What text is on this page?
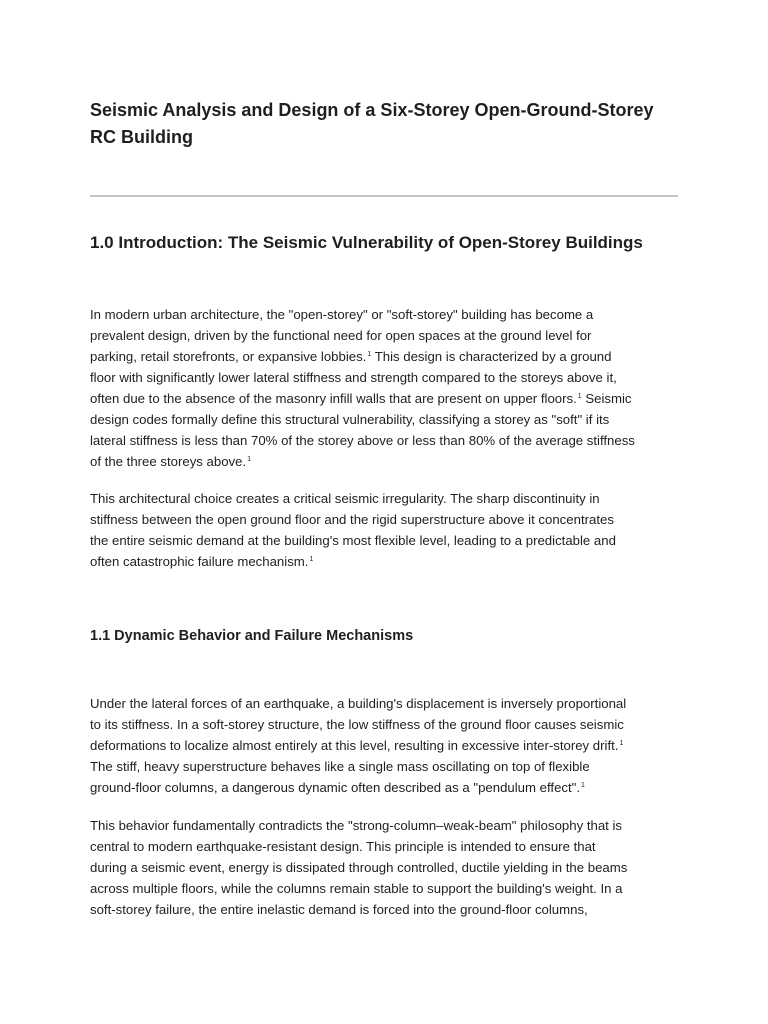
Seismic Analysis and Design of a Six-Storey Open-Ground-Storey
RC Building
1.0 Introduction: The Seismic Vulnerability of Open-Storey Buildings

In modern urban architecture, the "open-storey" or "soft-storey" building has become a
prevalent design, driven by the functional need for open spaces at the ground level for
parking, retail storefronts, or expansive lobbies.$^1$ This design is characterized by a ground
floor with significantly lower lateral stiffness and strength compared to the storeys above it,
often due to the absence of the masonry infill walls that are present on upper floors.$^1$ Seismic
design codes formally define this structural vulnerability, classifying a storey as "soft" if its
lateral stiffness is less than 70% of the storey above or less than 80% of the average stiffness
of the three storeys above.$^1$

This architectural choice creates a critical seismic irregularity. The sharp discontinuity in
stiffness between the open ground floor and the rigid superstructure above it concentrates
the entire seismic demand at the building's most flexible level, leading to a predictable and
often catastrophic failure mechanism.$^1$

1.1 Dynamic Behavior and Failure Mechanisms

Under the lateral forces of an earthquake, a building's displacement is inversely proportional
to its stiffness. In a soft-storey structure, the low stiffness of the ground floor causes seismic
deformations to localize almost entirely at this level, resulting in excessive inter-storey drift.$^1$
The stiff, heavy superstructure behaves like a single mass oscillating on top of flexible
ground-floor columns, a dangerous dynamic often described as a "pendulum effect".$^1$

This behavior fundamentally contradicts the "strong-column–weak-beam" philosophy that is
central to modern earthquake-resistant design. This principle is intended to ensure that
during a seismic event, energy is dissipated through controlled, ductile yielding in the beams
across multiple floors, while the columns remain stable to support the building's weight. In a
soft-storey failure, the entire inelastic demand is forced into the ground-floor columns,
